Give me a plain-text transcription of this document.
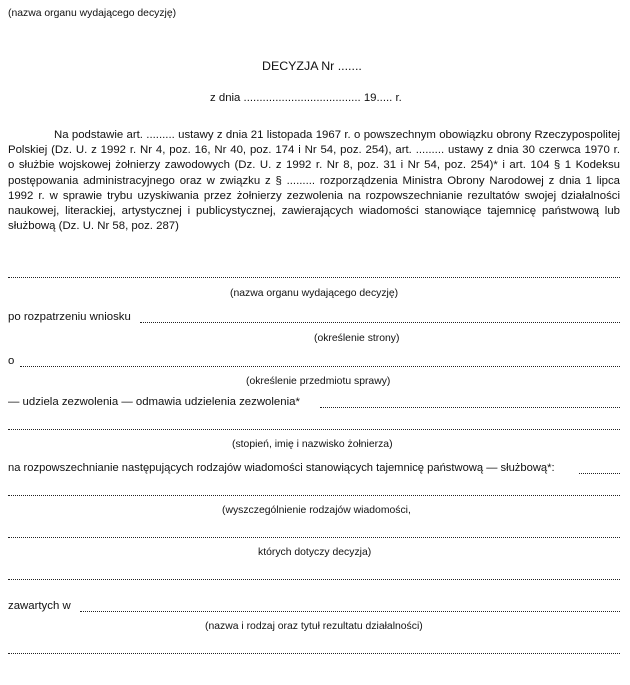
(nazwa organu wydającego decyzję)
DECYZJA Nr .......
z dnia ..................................... 19..... r.
Na podstawie art. ......... ustawy z dnia 21 listopada 1967 r. o powszechnym obowiązku obrony Rzeczypospolitej
Polskiej (Dz. U. z 1992 r. Nr 4, poz. 16, Nr 40, poz. 174 i Nr 54, poz. 254), art. ......... ustawy z dnia 30 czerwca 1970 r.
o służbie wojskowej żołnierzy zawodowych (Dz. U. z 1992 r. Nr 8, poz. 31 i Nr 54, poz. 254)* i art. 104 § 1 Kodeksu
postępowania administracyjnego oraz w związku z § ......... rozporządzenia Ministra Obrony Narodowej z dnia 1 lipca
1992 r. w sprawie trybu uzyskiwania przez żołnierzy zezwolenia na rozpowszechnianie rezultatów swojej działalności
naukowej, literackiej, artystycznej i publicystycznej, zawierających wiadomości stanowiące tajemnicę państwową lub
służbową (Dz. U. Nr 58, poz. 287)
(nazwa organu wydającego decyzję)
po rozpatrzeniu wniosku
(określenie strony)
o
(określenie przedmiotu sprawy)
— udziela zezwolenia — odmawia udzielenia zezwolenia*
(stopień, imię i nazwisko żołnierza)
na rozpowszechnianie następujących rodzajów wiadomości stanowiących tajemnicę państwową — służbową*:
(wyszczególnienie rodzajów wiadomości,
których dotyczy decyzja)
zawartych w
(nazwa i rodzaj oraz tytuł rezultatu działalności)
